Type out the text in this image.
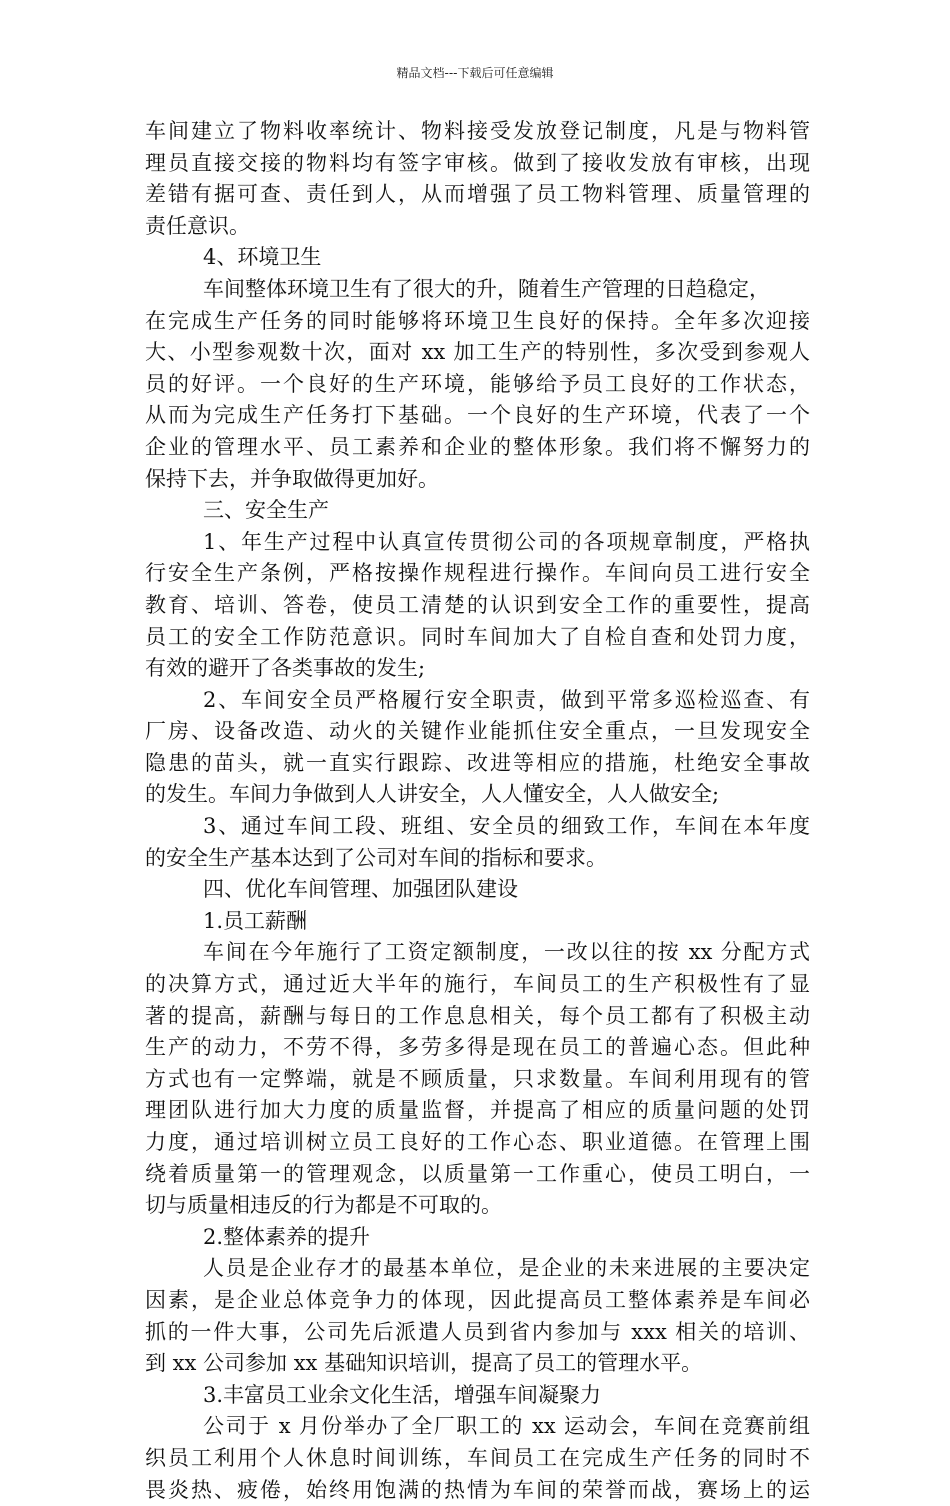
精品文档---下载后可任意编辑
车间建立了物料收率统计、物料接受发放登记制度，凡是与物料管
理员直接交接的物料均有签字审核。做到了接收发放有审核，出现
差错有据可查、责任到人，从而增强了员工物料管理、质量管理的
责任意识。
4、环境卫生
车间整体环境卫生有了很大的升，随着生产管理的日趋稳定，
在完成生产任务的同时能够将环境卫生良好的保持。全年多次迎接
大、小型参观数十次，面对 xx 加工生产的特别性，多次受到参观人
员的好评。一个良好的生产环境，能够给予员工良好的工作状态，
从而为完成生产任务打下基础。一个良好的生产环境，代表了一个
企业的管理水平、员工素养和企业的整体形象。我们将不懈努力的
保持下去，并争取做得更加好。
三、安全生产
1、年生产过程中认真宣传贯彻公司的各项规章制度，严格执
行安全生产条例，严格按操作规程进行操作。车间向员工进行安全
教育、培训、答卷，使员工清楚的认识到安全工作的重要性，提高
员工的安全工作防范意识。同时车间加大了自检自查和处罚力度，
有效的避开了各类事故的发生;
2、车间安全员严格履行安全职责，做到平常多巡检巡查、有
厂房、设备改造、动火的关键作业能抓住安全重点，一旦发现安全
隐患的苗头，就一直实行跟踪、改进等相应的措施，杜绝安全事故
的发生。车间力争做到人人讲安全，人人懂安全，人人做安全;
3、通过车间工段、班组、安全员的细致工作，车间在本年度
的安全生产基本达到了公司对车间的指标和要求。
四、优化车间管理、加强团队建设
1.员工薪酬
车间在今年施行了工资定额制度，一改以往的按 xx 分配方式
的决算方式，通过近大半年的施行，车间员工的生产积极性有了显
著的提高，薪酬与每日的工作息息相关，每个员工都有了积极主动
生产的动力，不劳不得，多劳多得是现在员工的普遍心态。但此种
方式也有一定弊端，就是不顾质量，只求数量。车间利用现有的管
理团队进行加大力度的质量监督，并提高了相应的质量问题的处罚
力度，通过培训树立员工良好的工作心态、职业道德。在管理上围
绕着质量第一的管理观念，以质量第一工作重心，使员工明白，一
切与质量相违反的行为都是不可取的。
2.整体素养的提升
人员是企业存才的最基本单位，是企业的未来进展的主要决定
因素，是企业总体竞争力的体现，因此提高员工整体素养是车间必
抓的一件大事，公司先后派遣人员到省内参加与 xxx 相关的培训、
到 xx 公司参加 xx 基础知识培训，提高了员工的管理水平。
3.丰富员工业余文化生活，增强车间凝聚力
公司于 x 月份举办了全厂职工的 xx 运动会，车间在竞赛前组
织员工利用个人休息时间训练，车间员工在完成生产任务的同时不
畏炎热、疲倦，始终用饱满的热情为车间的荣誉而战，赛场上的运
